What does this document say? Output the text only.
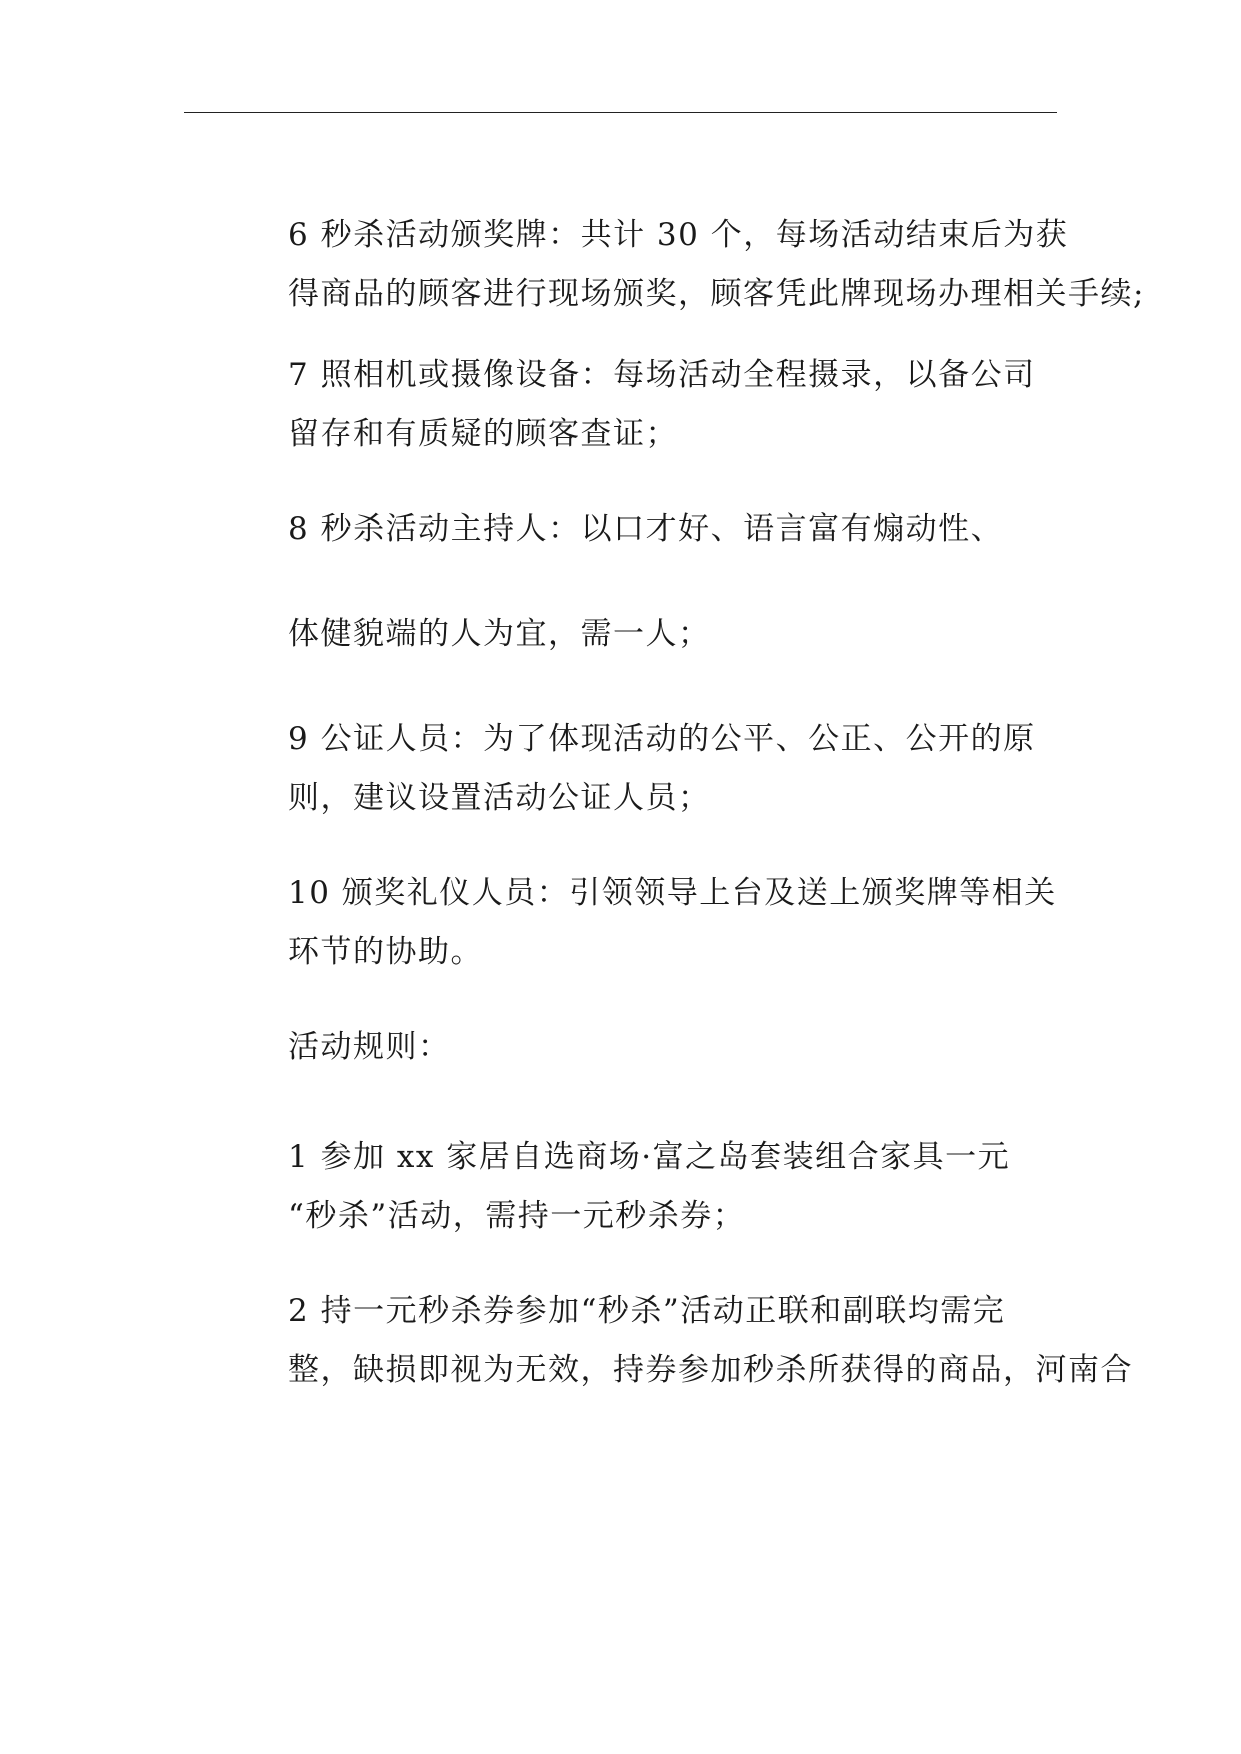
6 秒杀活动颁奖牌：共计 30 个，每场活动结束后为获
得商品的顾客进行现场颁奖，顾客凭此牌现场办理相关手续;

7 照相机或摄像设备：每场活动全程摄录，以备公司
留存和有质疑的顾客查证；

8 秒杀活动主持人：以口才好、语言富有煽动性、

体健貌端的人为宜，需一人；

9 公证人员：为了体现活动的公平、公正、公开的原
则，建议设置活动公证人员；

10 颁奖礼仪人员：引领领导上台及送上颁奖牌等相关
环节的协助。

活动规则：

1 参加 xx 家居自选商场·富之岛套装组合家具一元
“秒杀”活动，需持一元秒杀券；

2 持一元秒杀券参加“秒杀”活动正联和副联均需完
整，缺损即视为无效，持券参加秒杀所获得的商品，河南合
